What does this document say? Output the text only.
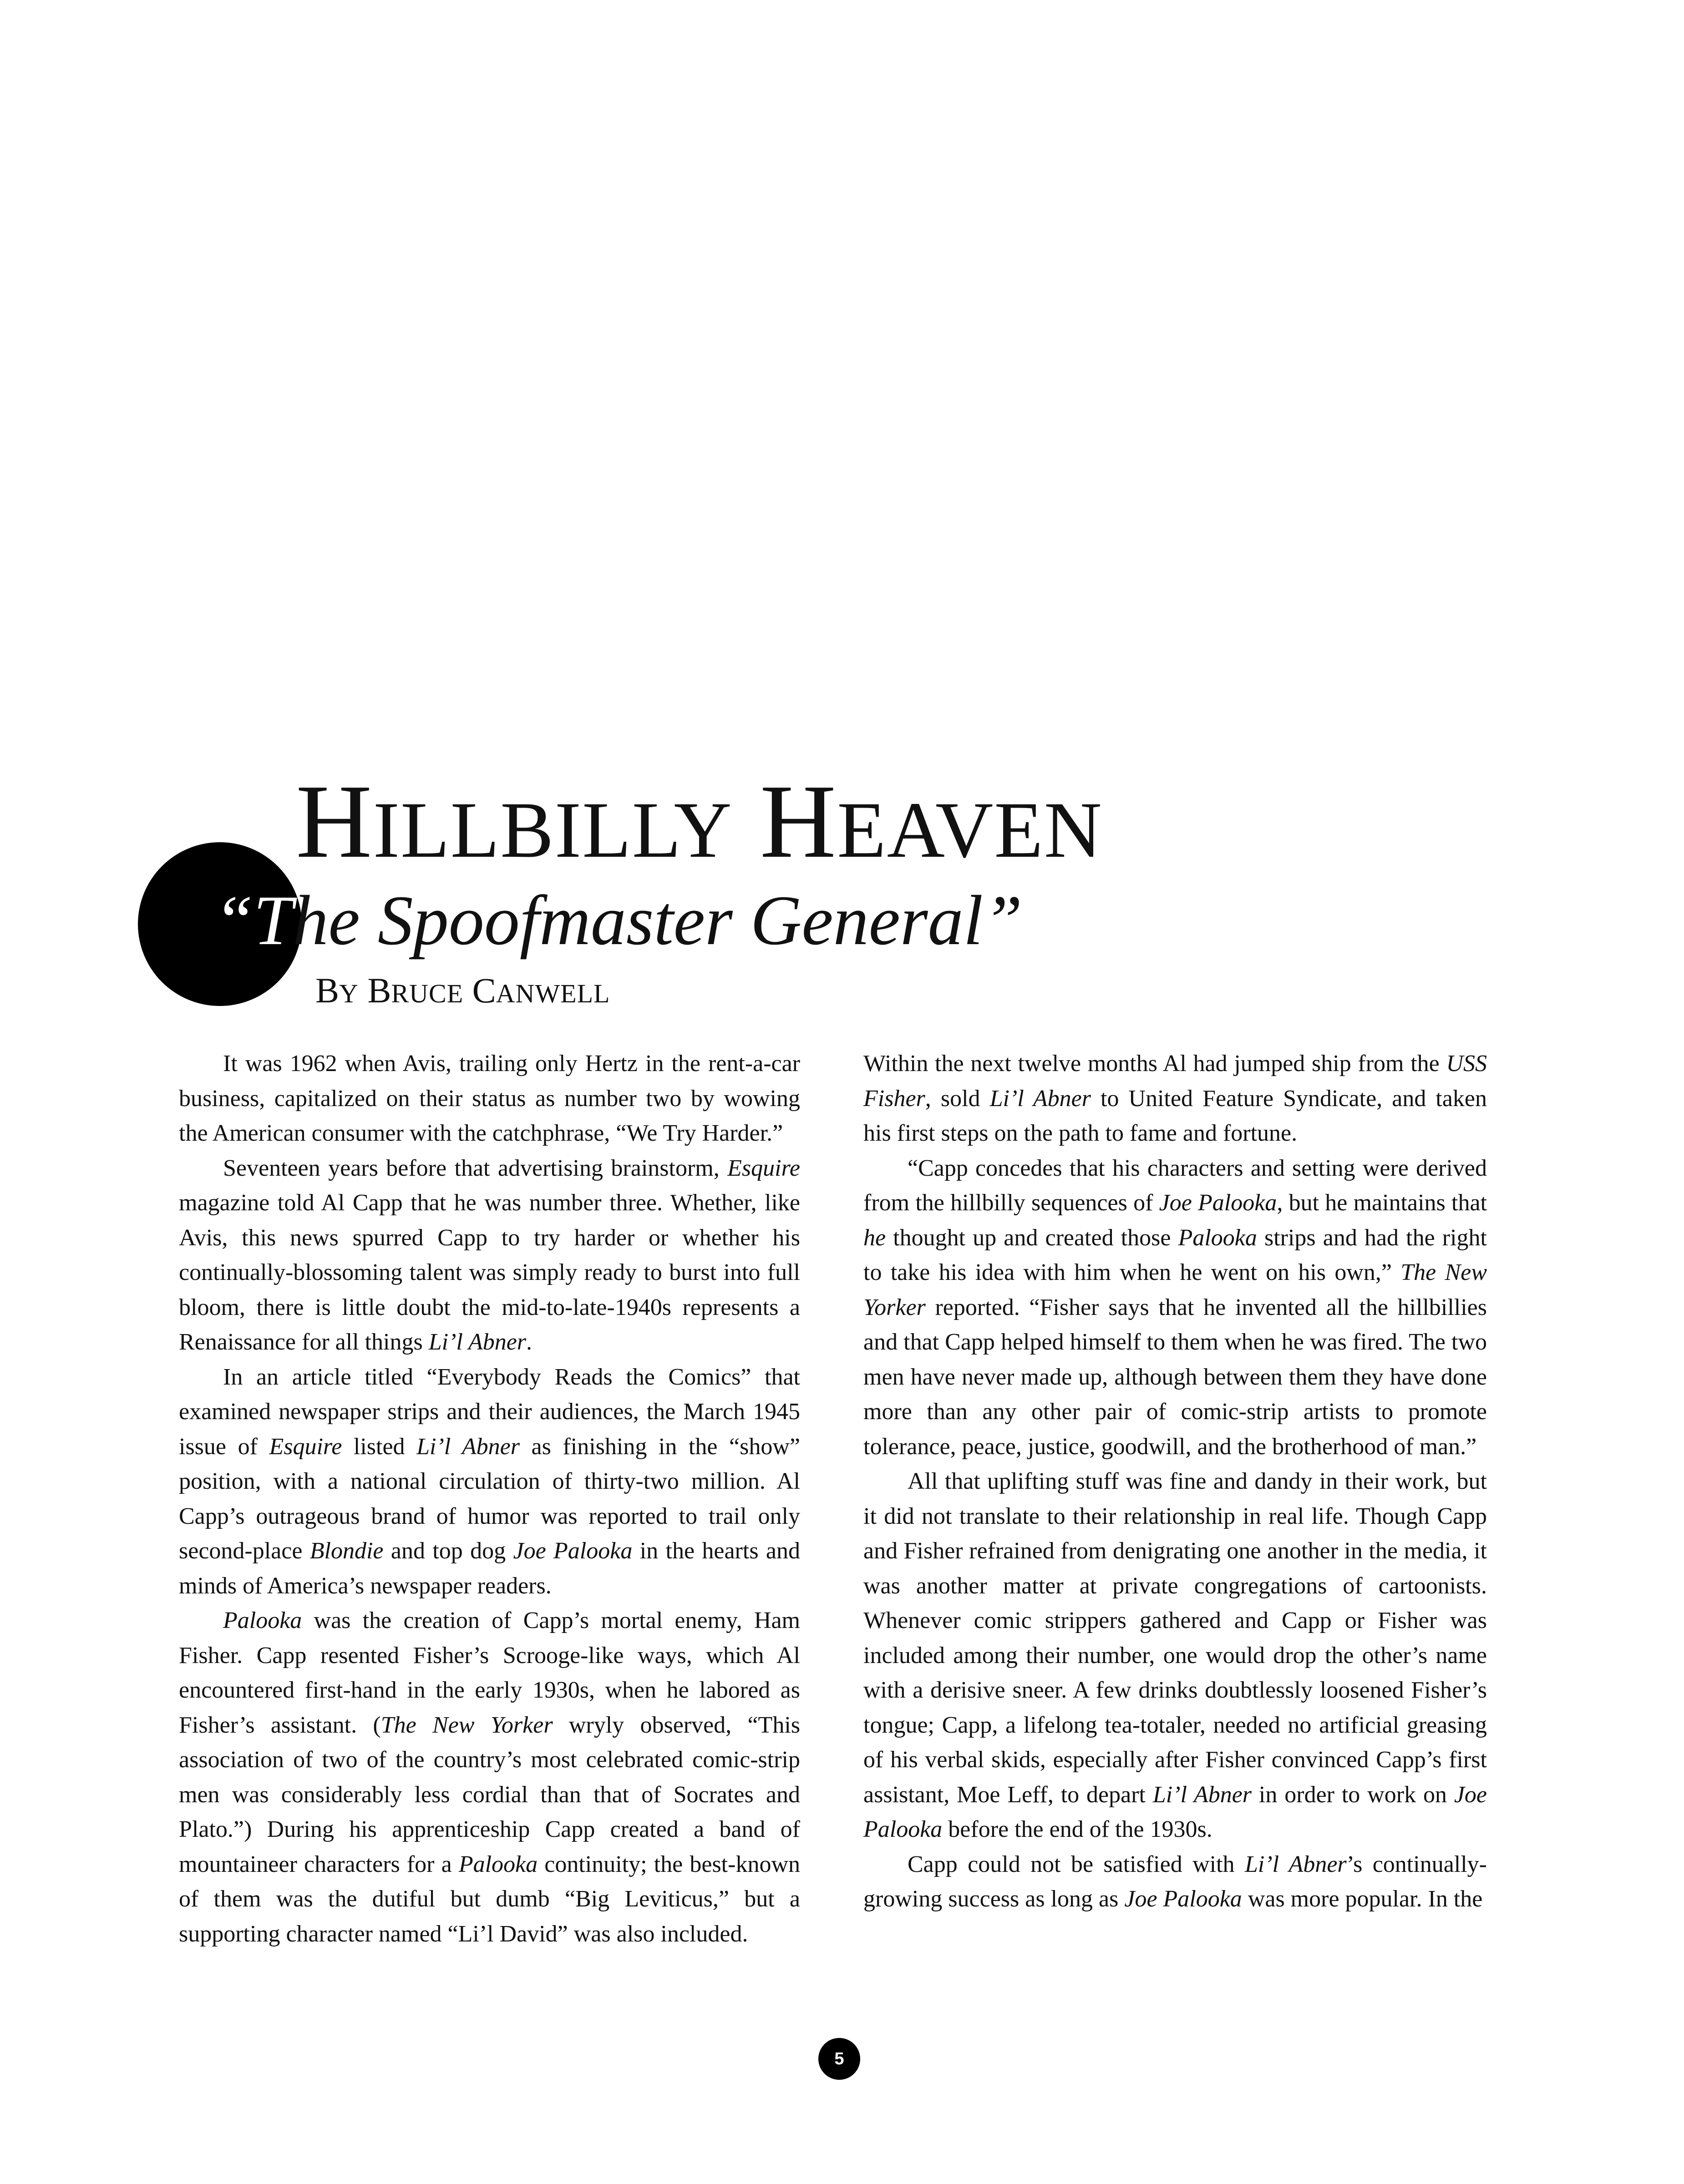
HILLBILLY HEAVEN
“The Spoofmaster General”
BY BRUCE CANWELL

It was 1962 when Avis, trailing only Hertz in the rent-a-car business, capitalized on their status as number two by wowing the American consumer with the catchphrase, “We Try Harder.”

Seventeen years before that advertising brainstorm, Esquire magazine told Al Capp that he was number three. Whether, like Avis, this news spurred Capp to try harder or whether his continually-blossoming talent was simply ready to burst into full bloom, there is little doubt the mid-to-late-1940s represents a Renaissance for all things Li’l Abner.

In an article titled “Everybody Reads the Comics” that examined newspaper strips and their audiences, the March 1945 issue of Esquire listed Li’l Abner as finishing in the “show” position, with a national circulation of thirty-two million. Al Capp’s outrageous brand of humor was reported to trail only second-place Blondie and top dog Joe Palooka in the hearts and minds of America’s newspaper readers.

Palooka was the creation of Capp’s mortal enemy, Ham Fisher. Capp resented Fisher’s Scrooge-like ways, which Al encountered first-hand in the early 1930s, when he labored as Fisher’s assistant. (The New Yorker wryly observed, “This association of two of the country’s most celebrated comic-strip men was considerably less cordial than that of Socrates and Plato.”) During his apprenticeship Capp created a band of mountaineer characters for a Palooka continuity; the best-known of them was the dutiful but dumb “Big Leviticus,” but a supporting character named “Li’l David” was also included.

Within the next twelve months Al had jumped ship from the USS Fisher, sold Li’l Abner to United Feature Syndicate, and taken his first steps on the path to fame and fortune.

“Capp concedes that his characters and setting were derived from the hillbilly sequences of Joe Palooka, but he maintains that he thought up and created those Palooka strips and had the right to take his idea with him when he went on his own,” The New Yorker reported. “Fisher says that he invented all the hillbillies and that Capp helped himself to them when he was fired. The two men have never made up, although between them they have done more than any other pair of comic-strip artists to promote tolerance, peace, justice, goodwill, and the brotherhood of man.”

All that uplifting stuff was fine and dandy in their work, but it did not translate to their relationship in real life. Though Capp and Fisher refrained from denigrating one another in the media, it was another matter at private congregations of cartoonists. Whenever comic strippers gathered and Capp or Fisher was included among their number, one would drop the other’s name with a derisive sneer. A few drinks doubtlessly loosened Fisher’s tongue; Capp, a lifelong tea-totaler, needed no artificial greasing of his verbal skids, especially after Fisher convinced Capp’s first assistant, Moe Leff, to depart Li’l Abner in order to work on Joe Palooka before the end of the 1930s.

Capp could not be satisfied with Li’l Abner’s continually-growing success as long as Joe Palooka was more popular. In the

5
